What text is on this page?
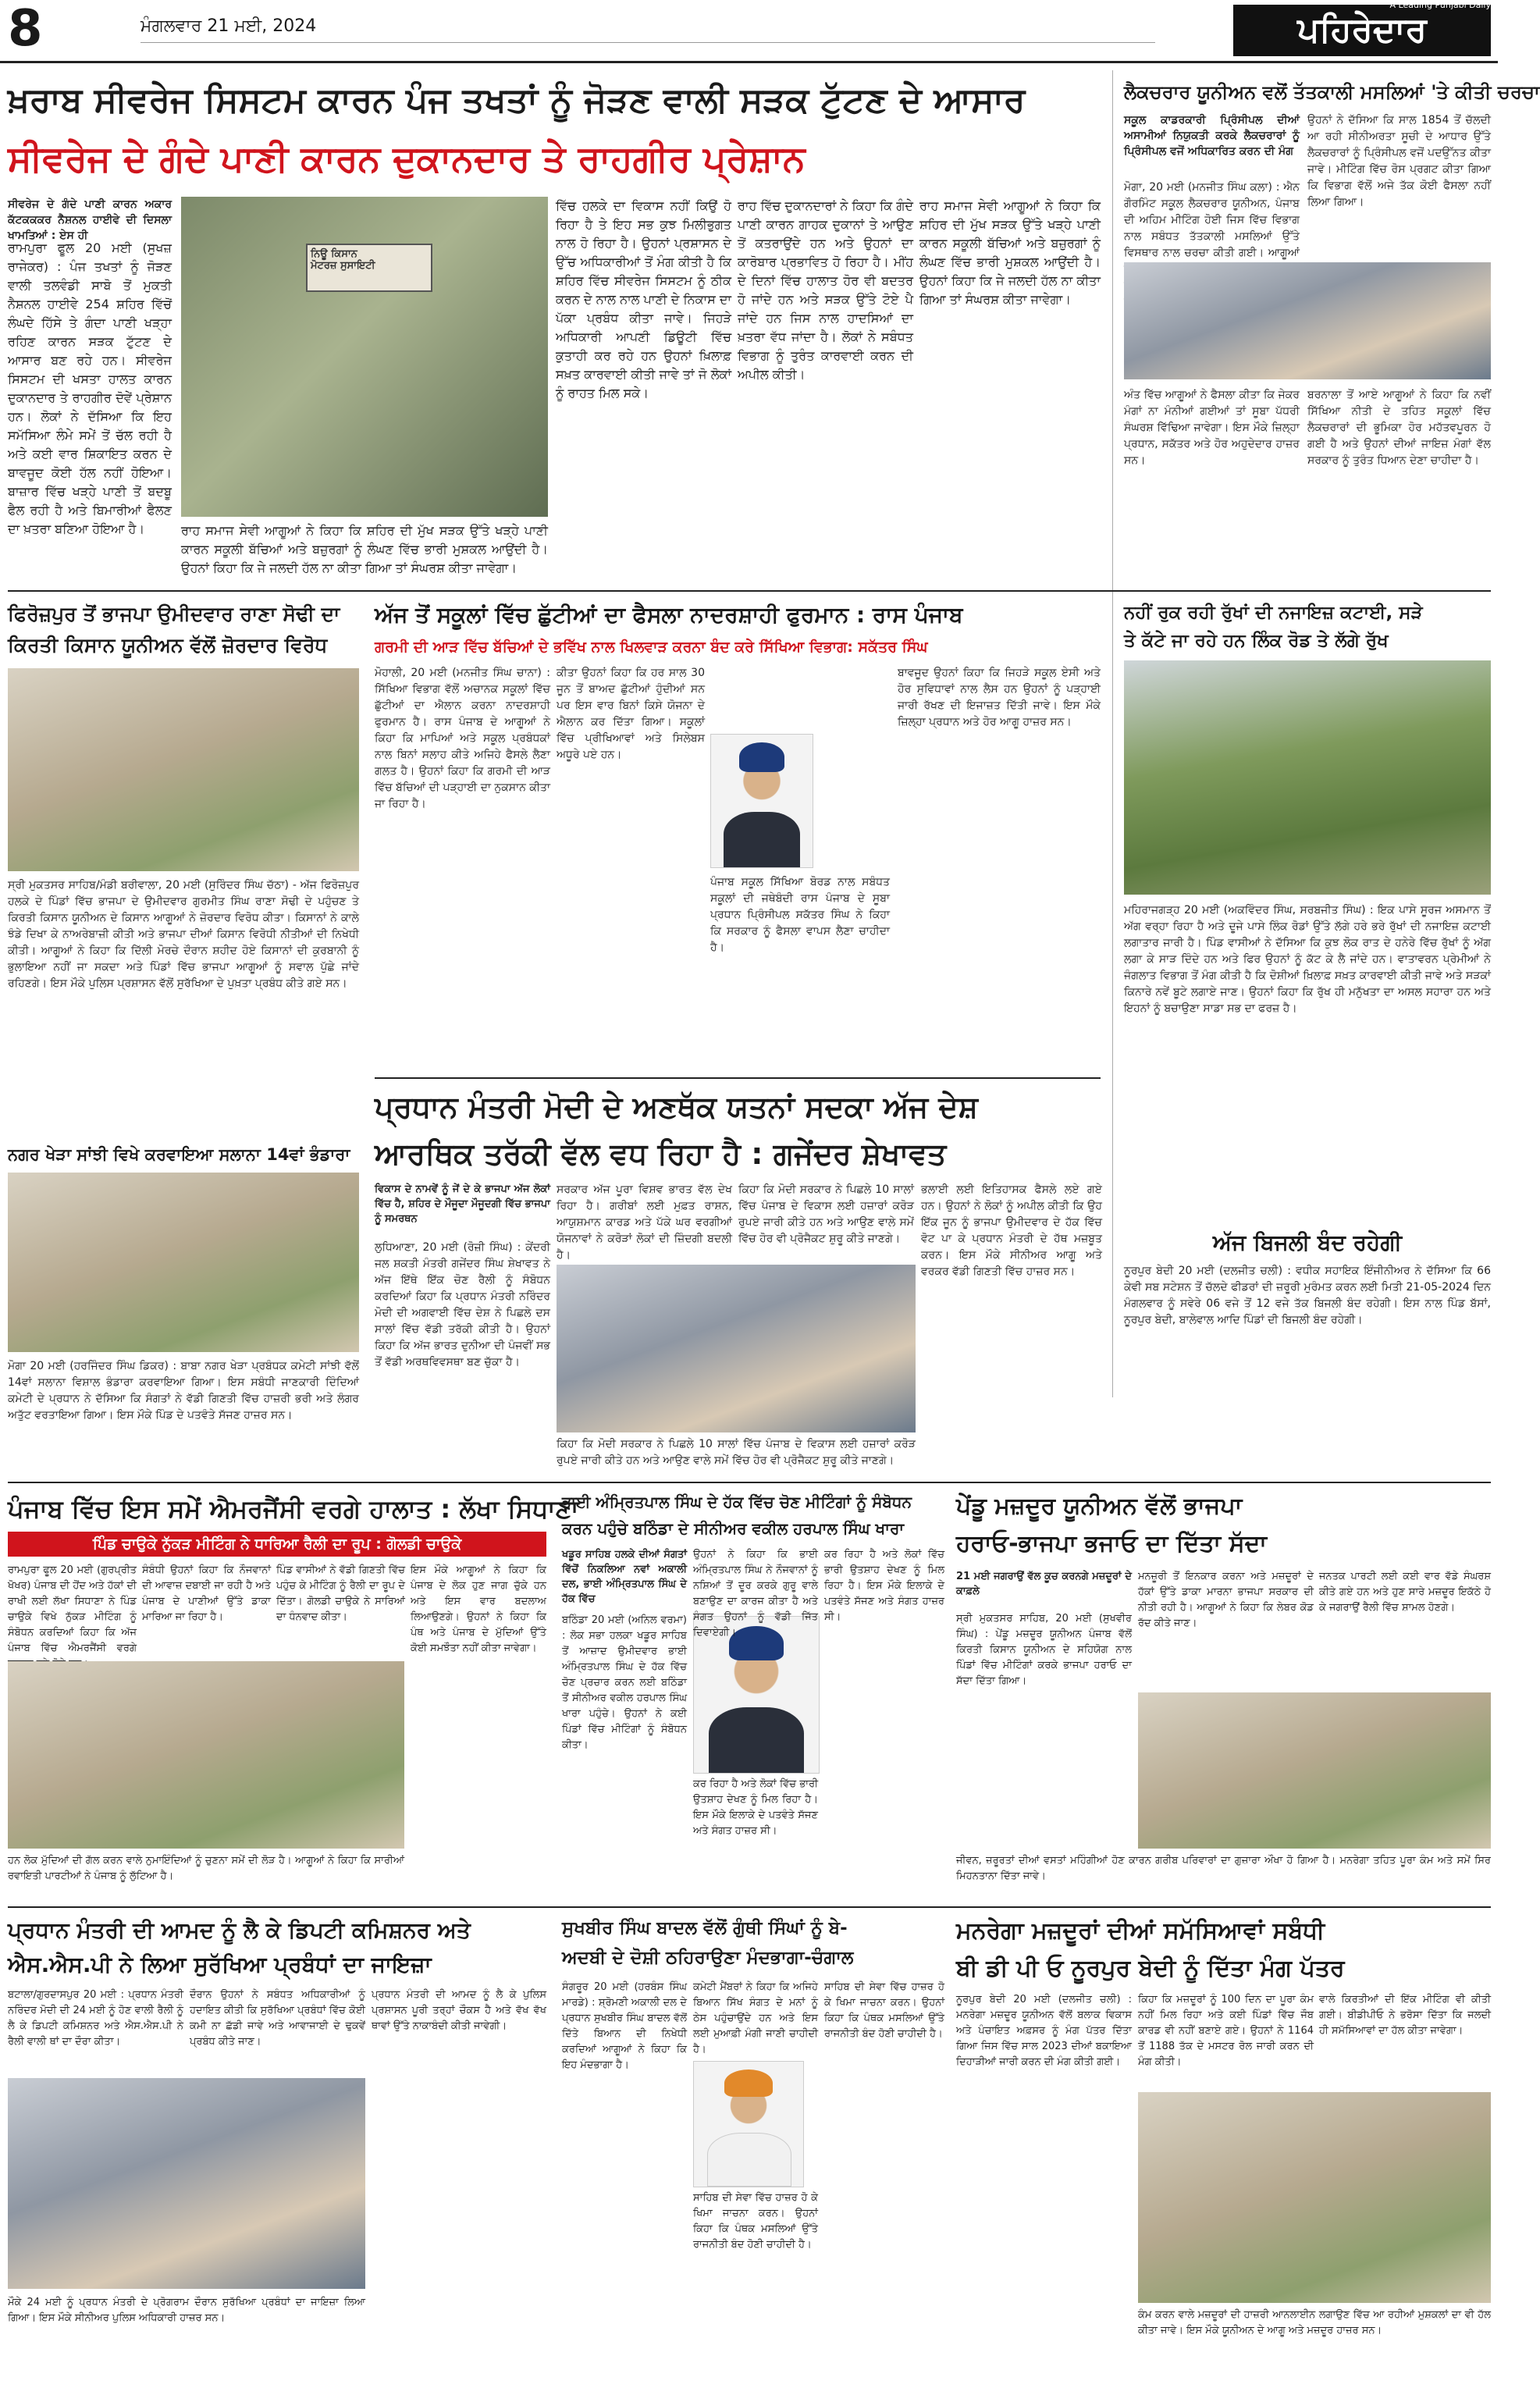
8	ਮੰਗਲਵਾਰ 21 ਮਈ, 2024	ਪਹਿਰੇਦਾਰ
A Leading Punjabi Daily
ਖ਼ਰਾਬ ਸੀਵਰੇਜ ਸਿਸਟਮ ਕਾਰਨ ਪੰਜ ਤਖਤਾਂ ਨੂੰ ਜੋੜਣ ਵਾਲੀ ਸੜਕ ਟੁੱਟਣ ਦੇ ਆਸਾਰ
ਸੀਵਰੇਜ ਦੇ ਗੰਦੇ ਪਾਣੀ ਕਾਰਨ ਦੁਕਾਨਦਾਰ ਤੇ ਰਾਹਗੀਰ ਪ੍ਰੇਸ਼ਾਨ
ਸੀਵਰੇਜ ਦੇ ਗੰਦੇ ਪਾਣੀ ਕਾਰਨ ਅਕਾਰ ਕੱਟਕਕਕਰ ਨੈਸ਼ਨਲ ਹਾਈਵੇ ਦੀ ਦਿਸਲਾ ਖਾਮਤਿਆਂ : ਏਸ ਹੀ
ਰਾਮਪੁਰਾ ਫੂਲ 20 ਮਈ (ਸੁਖਜ਼ ਰਾਜੇਕਰ) : ਪੰਜ ਤਖਤਾਂ ਨੂੰ ਜੋੜਣ ਵਾਲੀ ਤਲਵੰਡੀ ਸਾਬੋ ਤੋਂ ਮੁਕਤੀ ਨੈਸ਼ਨਲ ਹਾਈਵੇ 254 ਸ਼ਹਿਰ ਵਿੱਚੋਂ ਲੰਘਦੇ ਹਿੱਸੇ ਤੇ ਗੰਦਾ ਪਾਣੀ ਖੜ੍ਹਾ ਰਹਿਣ ਕਾਰਨ ਸੜਕ ਟੁੱਟਣ ਦੇ ਆਸਾਰ ਬਣ ਰਹੇ ਹਨ। ਸੀਵਰੇਜ ਸਿਸਟਮ ਦੀ ਖਸਤਾ ਹਾਲਤ ਕਾਰਨ ਦੁਕਾਨਦਾਰ ਤੇ ਰਾਹਗੀਰ ਦੋਵੇਂ ਪ੍ਰੇਸ਼ਾਨ ਹਨ। ਲੋਕਾਂ ਨੇ ਦੱਸਿਆ ਕਿ ਇਹ ਸਮੱਸਿਆ ਲੰਮੇ ਸਮੇਂ ਤੋਂ ਚੱਲ ਰਹੀ ਹੈ ਅਤੇ ਕਈ ਵਾਰ ਸ਼ਿਕਾਇਤ ਕਰਨ ਦੇ ਬਾਵਜੂਦ ਕੋਈ ਹੱਲ ਨਹੀਂ ਹੋਇਆ। ਬਾਜ਼ਾਰ ਵਿੱਚ ਖੜ੍ਹੇ ਪਾਣੀ ਤੋਂ ਬਦਬੂ ਫੈਲ ਰਹੀ ਹੈ ਅਤੇ ਬਿਮਾਰੀਆਂ ਫੈਲਣ ਦਾ ਖ਼ਤਰਾ ਬਣਿਆ ਹੋਇਆ ਹੈ।
ਨਿਊ ਕਿਸਾਨ
ਮੋਟਰਜ਼ ਸੁਸਾਇਟੀ
ਰਾਹ ਸਮਾਜ ਸੇਵੀ ਆਗੂਆਂ ਨੇ ਕਿਹਾ ਕਿ ਸ਼ਹਿਰ ਦੀ ਮੁੱਖ ਸੜਕ ਉੱਤੇ ਖੜ੍ਹੇ ਪਾਣੀ ਕਾਰਨ ਸਕੂਲੀ ਬੱਚਿਆਂ ਅਤੇ ਬਜ਼ੁਰਗਾਂ ਨੂੰ ਲੰਘਣ ਵਿੱਚ ਭਾਰੀ ਮੁਸ਼ਕਲ ਆਉਂਦੀ ਹੈ। ਉਹਨਾਂ ਕਿਹਾ ਕਿ ਜੇ ਜਲਦੀ ਹੱਲ ਨਾ ਕੀਤਾ ਗਿਆ ਤਾਂ ਸੰਘਰਸ਼ ਕੀਤਾ ਜਾਵੇਗਾ।
ਵਿੱਚ ਹਲਕੇ ਦਾ ਵਿਕਾਸ ਨਹੀਂ ਕਿਉਂ ਹੋ ਰਿਹਾ ਹੈ ਤੇ ਇਹ ਸਭ ਕੁਝ ਮਿਲੀਭੁਗਤ ਨਾਲ ਹੋ ਰਿਹਾ ਹੈ। ਉਹਨਾਂ ਪ੍ਰਸ਼ਾਸਨ ਦੇ ਉੱਚ ਅਧਿਕਾਰੀਆਂ ਤੋਂ ਮੰਗ ਕੀਤੀ ਹੈ ਕਿ ਸ਼ਹਿਰ ਵਿੱਚ ਸੀਵਰੇਜ ਸਿਸਟਮ ਨੂੰ ਠੀਕ ਕਰਨ ਦੇ ਨਾਲ ਨਾਲ ਪਾਣੀ ਦੇ ਨਿਕਾਸ ਦਾ ਪੱਕਾ ਪ੍ਰਬੰਧ ਕੀਤਾ ਜਾਵੇ। ਜਿਹੜੇ ਅਧਿਕਾਰੀ ਆਪਣੀ ਡਿਊਟੀ ਵਿੱਚ ਕੁਤਾਹੀ ਕਰ ਰਹੇ ਹਨ ਉਹਨਾਂ ਖ਼ਿਲਾਫ਼ ਸਖ਼ਤ ਕਾਰਵਾਈ ਕੀਤੀ ਜਾਵੇ ਤਾਂ ਜੋ ਲੋਕਾਂ ਨੂੰ ਰਾਹਤ ਮਿਲ ਸਕੇ।
ਰਾਹ ਵਿੱਚ ਦੁਕਾਨਦਾਰਾਂ ਨੇ ਕਿਹਾ ਕਿ ਗੰਦੇ ਪਾਣੀ ਕਾਰਨ ਗਾਹਕ ਦੁਕਾਨਾਂ ਤੇ ਆਉਣ ਤੋਂ ਕਤਰਾਉਂਦੇ ਹਨ ਅਤੇ ਉਹਨਾਂ ਦਾ ਕਾਰੋਬਾਰ ਪ੍ਰਭਾਵਿਤ ਹੋ ਰਿਹਾ ਹੈ। ਮੀਂਹ ਦੇ ਦਿਨਾਂ ਵਿੱਚ ਹਾਲਾਤ ਹੋਰ ਵੀ ਬਦਤਰ ਹੋ ਜਾਂਦੇ ਹਨ ਅਤੇ ਸੜਕ ਉੱਤੇ ਟੋਏ ਪੈ ਜਾਂਦੇ ਹਨ ਜਿਸ ਨਾਲ ਹਾਦਸਿਆਂ ਦਾ ਖ਼ਤਰਾ ਵੱਧ ਜਾਂਦਾ ਹੈ। ਲੋਕਾਂ ਨੇ ਸਬੰਧਤ ਵਿਭਾਗ ਨੂੰ ਤੁਰੰਤ ਕਾਰਵਾਈ ਕਰਨ ਦੀ ਅਪੀਲ ਕੀਤੀ।
ਰਾਹ ਸਮਾਜ ਸੇਵੀ ਆਗੂਆਂ ਨੇ ਕਿਹਾ ਕਿ ਸ਼ਹਿਰ ਦੀ ਮੁੱਖ ਸੜਕ ਉੱਤੇ ਖੜ੍ਹੇ ਪਾਣੀ ਕਾਰਨ ਸਕੂਲੀ ਬੱਚਿਆਂ ਅਤੇ ਬਜ਼ੁਰਗਾਂ ਨੂੰ ਲੰਘਣ ਵਿੱਚ ਭਾਰੀ ਮੁਸ਼ਕਲ ਆਉਂਦੀ ਹੈ। ਉਹਨਾਂ ਕਿਹਾ ਕਿ ਜੇ ਜਲਦੀ ਹੱਲ ਨਾ ਕੀਤਾ ਗਿਆ ਤਾਂ ਸੰਘਰਸ਼ ਕੀਤਾ ਜਾਵੇਗਾ।
ਲੈਕਚਰਾਰ ਯੂਨੀਅਨ ਵਲੋਂ ਤੱਤਕਾਲੀ ਮਸਲਿਆਂ 'ਤੇ ਕੀਤੀ ਚਰਚਾ
ਸਕੂਲ ਕਾਡਰਕਾਰੀ ਪ੍ਰਿੰਸੀਪਲ ਦੀਆਂ ਅਸਾਮੀਆਂ ਨਿਯੁਕਤੀ ਕਰਕੇ ਲੈਕਚਰਾਰਾਂ ਨੂੰ ਪ੍ਰਿੰਸੀਪਲ ਵਜੋਂ ਅਧਿਕਾਰਿਤ ਕਰਨ ਦੀ ਮੰਗ
ਮੋਗਾ, 20 ਮਈ (ਮਨਜੀਤ ਸਿੰਘ ਕਲਾ) : ਐਨ ਗੌਰਮਿੰਟ ਸਕੂਲ ਲੈਕਚਰਾਰ ਯੂਨੀਅਨ, ਪੰਜਾਬ ਦੀ ਅਹਿਮ ਮੀਟਿੰਗ ਹੋਈ ਜਿਸ ਵਿੱਚ ਵਿਭਾਗ ਨਾਲ ਸਬੰਧਤ ਤੱਤਕਾਲੀ ਮਸਲਿਆਂ ਉੱਤੇ ਵਿਸਥਾਰ ਨਾਲ ਚਰਚਾ ਕੀਤੀ ਗਈ। ਆਗੂਆਂ
ਉਹਨਾਂ ਨੇ ਦੱਸਿਆ ਕਿ ਸਾਲ 1854 ਤੋਂ ਚੱਲਦੀ ਆ ਰਹੀ ਸੀਨੀਅਰਤਾ ਸੂਚੀ ਦੇ ਆਧਾਰ ਉੱਤੇ ਲੈਕਚਰਾਰਾਂ ਨੂੰ ਪ੍ਰਿੰਸੀਪਲ ਵਜੋਂ ਪਦਉੱਨਤ ਕੀਤਾ ਜਾਵੇ। ਮੀਟਿੰਗ ਵਿੱਚ ਰੋਸ ਪ੍ਰਗਟ ਕੀਤਾ ਗਿਆ ਕਿ ਵਿਭਾਗ ਵੱਲੋਂ ਅਜੇ ਤੱਕ ਕੋਈ ਫੈਸਲਾ ਨਹੀਂ ਲਿਆ ਗਿਆ।
ਅੰਤ ਵਿੱਚ ਆਗੂਆਂ ਨੇ ਫੈਸਲਾ ਕੀਤਾ ਕਿ ਜੇਕਰ ਮੰਗਾਂ ਨਾ ਮੰਨੀਆਂ ਗਈਆਂ ਤਾਂ ਸੂਬਾ ਪੱਧਰੀ ਸੰਘਰਸ਼ ਵਿੱਢਿਆ ਜਾਵੇਗਾ। ਇਸ ਮੌਕੇ ਜ਼ਿਲ੍ਹਾ ਪ੍ਰਧਾਨ, ਸਕੱਤਰ ਅਤੇ ਹੋਰ ਅਹੁਦੇਦਾਰ ਹਾਜ਼ਰ ਸਨ।
ਬਰਨਾਲਾ ਤੋਂ ਆਏ ਆਗੂਆਂ ਨੇ ਕਿਹਾ ਕਿ ਨਵੀਂ ਸਿੱਖਿਆ ਨੀਤੀ ਦੇ ਤਹਿਤ ਸਕੂਲਾਂ ਵਿੱਚ ਲੈਕਚਰਾਰਾਂ ਦੀ ਭੂਮਿਕਾ ਹੋਰ ਮਹੱਤਵਪੂਰਨ ਹੋ ਗਈ ਹੈ ਅਤੇ ਉਹਨਾਂ ਦੀਆਂ ਜਾਇਜ਼ ਮੰਗਾਂ ਵੱਲ ਸਰਕਾਰ ਨੂੰ ਤੁਰੰਤ ਧਿਆਨ ਦੇਣਾ ਚਾਹੀਦਾ ਹੈ।
ਫਿਰੋਜ਼ਪੁਰ ਤੋਂ ਭਾਜਪਾ ਉਮੀਦਵਾਰ ਰਾਣਾ ਸੋਢੀ ਦਾ
ਕਿਰਤੀ ਕਿਸਾਨ ਯੂਨੀਅਨ ਵੱਲੋਂ ਜ਼ੋਰਦਾਰ ਵਿਰੋਧ
ਸ੍ਰੀ ਮੁਕਤਸਰ ਸਾਹਿਬ/ਮੰਡੀ ਬਰੀਵਾਲਾ, 20 ਮਈ (ਸੁਰਿੰਦਰ ਸਿੰਘ ਚੱਠਾ) - ਅੱਜ ਫਿਰੋਜ਼ਪੁਰ ਹਲਕੇ ਦੇ ਪਿੰਡਾਂ ਵਿੱਚ ਭਾਜਪਾ ਦੇ ਉਮੀਦਵਾਰ ਗੁਰਮੀਤ ਸਿੰਘ ਰਾਣਾ ਸੋਢੀ ਦੇ ਪਹੁੰਚਣ ਤੇ ਕਿਰਤੀ ਕਿਸਾਨ ਯੂਨੀਅਨ ਦੇ ਕਿਸਾਨ ਆਗੂਆਂ ਨੇ ਜ਼ੋਰਦਾਰ ਵਿਰੋਧ ਕੀਤਾ। ਕਿਸਾਨਾਂ ਨੇ ਕਾਲੇ ਝੰਡੇ ਦਿਖਾ ਕੇ ਨਾਅਰੇਬਾਜ਼ੀ ਕੀਤੀ ਅਤੇ ਭਾਜਪਾ ਦੀਆਂ ਕਿਸਾਨ ਵਿਰੋਧੀ ਨੀਤੀਆਂ ਦੀ ਨਿਖੇਧੀ ਕੀਤੀ। ਆਗੂਆਂ ਨੇ ਕਿਹਾ ਕਿ ਦਿੱਲੀ ਮੋਰਚੇ ਦੌਰਾਨ ਸ਼ਹੀਦ ਹੋਏ ਕਿਸਾਨਾਂ ਦੀ ਕੁਰਬਾਨੀ ਨੂੰ ਭੁਲਾਇਆ ਨਹੀਂ ਜਾ ਸਕਦਾ ਅਤੇ ਪਿੰਡਾਂ ਵਿੱਚ ਭਾਜਪਾ ਆਗੂਆਂ ਨੂੰ ਸਵਾਲ ਪੁੱਛੇ ਜਾਂਦੇ ਰਹਿਣਗੇ। ਇਸ ਮੌਕੇ ਪੁਲਿਸ ਪ੍ਰਸ਼ਾਸਨ ਵੱਲੋਂ ਸੁਰੱਖਿਆ ਦੇ ਪੁਖ਼ਤਾ ਪ੍ਰਬੰਧ ਕੀਤੇ ਗਏ ਸਨ।
ਅੱਜ ਤੋਂ ਸਕੂਲਾਂ ਵਿੱਚ ਛੁੱਟੀਆਂ ਦਾ ਫੈਸਲਾ ਨਾਦਰਸ਼ਾਹੀ ਫੁਰਮਾਨ : ਰਾਸ ਪੰਜਾਬ
ਗਰਮੀ ਦੀ ਆੜ ਵਿੱਚ ਬੱਚਿਆਂ ਦੇ ਭਵਿੱਖ ਨਾਲ ਖਿਲਵਾੜ ਕਰਨਾ ਬੰਦ ਕਰੇ ਸਿੱਖਿਆ ਵਿਭਾਗ: ਸਕੱਤਰ ਸਿੰਘ
ਮੋਹਾਲੀ, 20 ਮਈ (ਮਨਜੀਤ ਸਿੰਘ ਚਾਨਾ) : ਸਿੱਖਿਆ ਵਿਭਾਗ ਵੱਲੋਂ ਅਚਾਨਕ ਸਕੂਲਾਂ ਵਿੱਚ ਛੁੱਟੀਆਂ ਦਾ ਐਲਾਨ ਕਰਨਾ ਨਾਦਰਸ਼ਾਹੀ ਫੁਰਮਾਨ ਹੈ। ਰਾਸ ਪੰਜਾਬ ਦੇ ਆਗੂਆਂ ਨੇ ਕਿਹਾ ਕਿ ਮਾਪਿਆਂ ਅਤੇ ਸਕੂਲ ਪ੍ਰਬੰਧਕਾਂ ਨਾਲ ਬਿਨਾਂ ਸਲਾਹ ਕੀਤੇ ਅਜਿਹੇ ਫੈਸਲੇ ਲੈਣਾ ਗਲਤ ਹੈ। ਉਹਨਾਂ ਕਿਹਾ ਕਿ ਗਰਮੀ ਦੀ ਆੜ ਵਿੱਚ ਬੱਚਿਆਂ ਦੀ ਪੜ੍ਹਾਈ ਦਾ ਨੁਕਸਾਨ ਕੀਤਾ ਜਾ ਰਿਹਾ ਹੈ।
ਕੀਤਾ ਉਹਨਾਂ ਕਿਹਾ ਕਿ ਹਰ ਸਾਲ 30 ਜੂਨ ਤੋਂ ਬਾਅਦ ਛੁੱਟੀਆਂ ਹੁੰਦੀਆਂ ਸਨ ਪਰ ਇਸ ਵਾਰ ਬਿਨਾਂ ਕਿਸੇ ਯੋਜਨਾ ਦੇ ਐਲਾਨ ਕਰ ਦਿੱਤਾ ਗਿਆ। ਸਕੂਲਾਂ ਵਿੱਚ ਪ੍ਰੀਖਿਆਵਾਂ ਅਤੇ ਸਿਲੇਬਸ ਅਧੂਰੇ ਪਏ ਹਨ।
ਪੰਜਾਬ ਸਕੂਲ ਸਿੱਖਿਆ ਬੋਰਡ ਨਾਲ ਸਬੰਧਤ ਸਕੂਲਾਂ ਦੀ ਜਥੇਬੰਦੀ ਰਾਸ ਪੰਜਾਬ ਦੇ ਸੂਬਾ ਪ੍ਰਧਾਨ ਪ੍ਰਿੰਸੀਪਲ ਸਕੱਤਰ ਸਿੰਘ ਨੇ ਕਿਹਾ ਕਿ ਸਰਕਾਰ ਨੂੰ ਫੈਸਲਾ ਵਾਪਸ ਲੈਣਾ ਚਾਹੀਦਾ ਹੈ।
ਬਾਵਜੂਦ ਉਹਨਾਂ ਕਿਹਾ ਕਿ ਜਿਹੜੇ ਸਕੂਲ ਏਸੀ ਅਤੇ ਹੋਰ ਸੁਵਿਧਾਵਾਂ ਨਾਲ ਲੈਸ ਹਨ ਉਹਨਾਂ ਨੂੰ ਪੜ੍ਹਾਈ ਜਾਰੀ ਰੱਖਣ ਦੀ ਇਜਾਜ਼ਤ ਦਿੱਤੀ ਜਾਵੇ। ਇਸ ਮੌਕੇ ਜ਼ਿਲ੍ਹਾ ਪ੍ਰਧਾਨ ਅਤੇ ਹੋਰ ਆਗੂ ਹਾਜ਼ਰ ਸਨ।
ਨਹੀਂ ਰੁਕ ਰਹੀ ਰੁੱਖਾਂ ਦੀ ਨਜਾਇਜ਼ ਕਟਾਈ, ਸੜੇ
ਤੇ ਕੱਟੇ ਜਾ ਰਹੇ ਹਨ ਲਿੰਕ ਰੋਡ ਤੇ ਲੱਗੇ ਰੁੱਖ
ਮਹਿਰਾਜਗੜ੍ਹ 20 ਮਈ (ਅਕਵਿੰਦਰ ਸਿੰਘ, ਸਰਬਜੀਤ ਸਿੰਘ) : ਇਕ ਪਾਸੇ ਸੂਰਜ ਅਸਮਾਨ ਤੋਂ ਅੱਗ ਵਰ੍ਹਾ ਰਿਹਾ ਹੈ ਅਤੇ ਦੂਜੇ ਪਾਸੇ ਲਿੰਕ ਰੋਡਾਂ ਉੱਤੇ ਲੱਗੇ ਹਰੇ ਭਰੇ ਰੁੱਖਾਂ ਦੀ ਨਜਾਇਜ਼ ਕਟਾਈ ਲਗਾਤਾਰ ਜਾਰੀ ਹੈ। ਪਿੰਡ ਵਾਸੀਆਂ ਨੇ ਦੱਸਿਆ ਕਿ ਕੁਝ ਲੋਕ ਰਾਤ ਦੇ ਹਨੇਰੇ ਵਿੱਚ ਰੁੱਖਾਂ ਨੂੰ ਅੱਗ ਲਗਾ ਕੇ ਸਾੜ ਦਿੰਦੇ ਹਨ ਅਤੇ ਫਿਰ ਉਹਨਾਂ ਨੂੰ ਕੱਟ ਕੇ ਲੈ ਜਾਂਦੇ ਹਨ। ਵਾਤਾਵਰਨ ਪ੍ਰੇਮੀਆਂ ਨੇ ਜੰਗਲਾਤ ਵਿਭਾਗ ਤੋਂ ਮੰਗ ਕੀਤੀ ਹੈ ਕਿ ਦੋਸ਼ੀਆਂ ਖ਼ਿਲਾਫ਼ ਸਖ਼ਤ ਕਾਰਵਾਈ ਕੀਤੀ ਜਾਵੇ ਅਤੇ ਸੜਕਾਂ ਕਿਨਾਰੇ ਨਵੇਂ ਬੂਟੇ ਲਗਾਏ ਜਾਣ। ਉਹਨਾਂ ਕਿਹਾ ਕਿ ਰੁੱਖ ਹੀ ਮਨੁੱਖਤਾ ਦਾ ਅਸਲ ਸਹਾਰਾ ਹਨ ਅਤੇ ਇਹਨਾਂ ਨੂੰ ਬਚਾਉਣਾ ਸਾਡਾ ਸਭ ਦਾ ਫਰਜ਼ ਹੈ।
ਅੱਜ ਬਿਜਲੀ ਬੰਦ ਰਹੇਗੀ
ਨੂਰਪੁਰ ਬੇਦੀ 20 ਮਈ (ਦਲਜੀਤ ਚਲੀ) : ਵਧੀਕ ਸਹਾਇਕ ਇੰਜੀਨੀਅਰ ਨੇ ਦੱਸਿਆ ਕਿ 66 ਕੇਵੀ ਸਬ ਸਟੇਸ਼ਨ ਤੋਂ ਚੱਲਦੇ ਫੀਡਰਾਂ ਦੀ ਜ਼ਰੂਰੀ ਮੁਰੰਮਤ ਕਰਨ ਲਈ ਮਿਤੀ 21-05-2024 ਦਿਨ ਮੰਗਲਵਾਰ ਨੂੰ ਸਵੇਰੇ 06 ਵਜੇ ਤੋਂ 12 ਵਜੇ ਤੱਕ ਬਿਜਲੀ ਬੰਦ ਰਹੇਗੀ। ਇਸ ਨਾਲ ਪਿੰਡ ਬੱਸਾਂ, ਨੂਰਪੁਰ ਬੇਦੀ, ਬਾਲੇਵਾਲ ਆਦਿ ਪਿੰਡਾਂ ਦੀ ਬਿਜਲੀ ਬੰਦ ਰਹੇਗੀ।
ਪ੍ਰਧਾਨ ਮੰਤਰੀ ਮੋਦੀ ਦੇ ਅਣਥੱਕ ਯਤਨਾਂ ਸਦਕਾ ਅੱਜ ਦੇਸ਼
ਆਰਥਿਕ ਤਰੱਕੀ ਵੱਲ ਵਧ ਰਿਹਾ ਹੈ : ਗਜੇਂਦਰ ਸ਼ੇਖਾਵਤ
ਵਿਕਾਸ ਦੇ ਨਾਮਵੇਂ ਨੂੰ ਜੇਂ ਦੇ ਕੇ ਭਾਜਪਾ ਅੱਜ ਲੋਕਾਂ ਵਿੱਚ ਹੈ, ਸ਼ਹਿਰ ਦੇ ਮੌਜੂਦਾ ਮੌਜੂਦਗੀ ਵਿੱਚ ਭਾਜਪਾ ਨੂੰ ਸਮਰਥਨ
ਲੁਧਿਆਣਾ, 20 ਮਈ (ਰੋਜ਼ੀ ਸਿੰਘ) : ਕੇਂਦਰੀ ਜਲ ਸ਼ਕਤੀ ਮੰਤਰੀ ਗਜੇਂਦਰ ਸਿੰਘ ਸ਼ੇਖਾਵਤ ਨੇ ਅੱਜ ਇੱਥੇ ਇੱਕ ਚੋਣ ਰੈਲੀ ਨੂੰ ਸੰਬੋਧਨ ਕਰਦਿਆਂ ਕਿਹਾ ਕਿ ਪ੍ਰਧਾਨ ਮੰਤਰੀ ਨਰਿੰਦਰ ਮੋਦੀ ਦੀ ਅਗਵਾਈ ਵਿੱਚ ਦੇਸ਼ ਨੇ ਪਿਛਲੇ ਦਸ ਸਾਲਾਂ ਵਿੱਚ ਵੱਡੀ ਤਰੱਕੀ ਕੀਤੀ ਹੈ। ਉਹਨਾਂ ਕਿਹਾ ਕਿ ਅੱਜ ਭਾਰਤ ਦੁਨੀਆ ਦੀ ਪੰਜਵੀਂ ਸਭ ਤੋਂ ਵੱਡੀ ਅਰਥਵਿਵਸਥਾ ਬਣ ਚੁੱਕਾ ਹੈ।
ਸਰਕਾਰ ਅੱਜ ਪੂਰਾ ਵਿਸ਼ਵ ਭਾਰਤ ਵੱਲ ਦੇਖ ਰਿਹਾ ਹੈ। ਗਰੀਬਾਂ ਲਈ ਮੁਫ਼ਤ ਰਾਸ਼ਨ, ਆਯੁਸ਼ਮਾਨ ਕਾਰਡ ਅਤੇ ਪੱਕੇ ਘਰ ਵਰਗੀਆਂ ਯੋਜਨਾਵਾਂ ਨੇ ਕਰੋੜਾਂ ਲੋਕਾਂ ਦੀ ਜ਼ਿੰਦਗੀ ਬਦਲੀ ਹੈ।
ਕਿਹਾ ਕਿ ਮੋਦੀ ਸਰਕਾਰ ਨੇ ਪਿਛਲੇ 10 ਸਾਲਾਂ ਵਿੱਚ ਪੰਜਾਬ ਦੇ ਵਿਕਾਸ ਲਈ ਹਜ਼ਾਰਾਂ ਕਰੋੜ ਰੁਪਏ ਜਾਰੀ ਕੀਤੇ ਹਨ ਅਤੇ ਆਉਣ ਵਾਲੇ ਸਮੇਂ ਵਿੱਚ ਹੋਰ ਵੀ ਪ੍ਰੋਜੈਕਟ ਸ਼ੁਰੂ ਕੀਤੇ ਜਾਣਗੇ।
ਭਲਾਈ ਲਈ ਇਤਿਹਾਸਕ ਫੈਸਲੇ ਲਏ ਗਏ ਹਨ। ਉਹਨਾਂ ਨੇ ਲੋਕਾਂ ਨੂੰ ਅਪੀਲ ਕੀਤੀ ਕਿ ਉਹ ਇੱਕ ਜੂਨ ਨੂੰ ਭਾਜਪਾ ਉਮੀਦਵਾਰ ਦੇ ਹੱਕ ਵਿੱਚ ਵੋਟ ਪਾ ਕੇ ਪ੍ਰਧਾਨ ਮੰਤਰੀ ਦੇ ਹੱਥ ਮਜ਼ਬੂਤ ਕਰਨ। ਇਸ ਮੌਕੇ ਸੀਨੀਅਰ ਆਗੂ ਅਤੇ ਵਰਕਰ ਵੱਡੀ ਗਿਣਤੀ ਵਿੱਚ ਹਾਜ਼ਰ ਸਨ।
ਕਿਹਾ ਕਿ ਮੋਦੀ ਸਰਕਾਰ ਨੇ ਪਿਛਲੇ 10 ਸਾਲਾਂ ਵਿੱਚ ਪੰਜਾਬ ਦੇ ਵਿਕਾਸ ਲਈ ਹਜ਼ਾਰਾਂ ਕਰੋੜ ਰੁਪਏ ਜਾਰੀ ਕੀਤੇ ਹਨ ਅਤੇ ਆਉਣ ਵਾਲੇ ਸਮੇਂ ਵਿੱਚ ਹੋਰ ਵੀ ਪ੍ਰੋਜੈਕਟ ਸ਼ੁਰੂ ਕੀਤੇ ਜਾਣਗੇ।
ਨਗਰ ਖੇੜਾ ਸਾਂਝੀ ਵਿਖੇ ਕਰਵਾਇਆ ਸਲਾਨਾ 14ਵਾਂ ਭੰਡਾਰਾ
ਮੋਗਾ 20 ਮਈ (ਹਰਜਿੰਦਰ ਸਿੰਘ ਡਿਕਰ) : ਬਾਬਾ ਨਗਰ ਖੇੜਾ ਪ੍ਰਬੰਧਕ ਕਮੇਟੀ ਸਾਂਝੀ ਵੱਲੋਂ 14ਵਾਂ ਸਲਾਨਾ ਵਿਸ਼ਾਲ ਭੰਡਾਰਾ ਕਰਵਾਇਆ ਗਿਆ। ਇਸ ਸਬੰਧੀ ਜਾਣਕਾਰੀ ਦਿੰਦਿਆਂ ਕਮੇਟੀ ਦੇ ਪ੍ਰਧਾਨ ਨੇ ਦੱਸਿਆ ਕਿ ਸੰਗਤਾਂ ਨੇ ਵੱਡੀ ਗਿਣਤੀ ਵਿੱਚ ਹਾਜ਼ਰੀ ਭਰੀ ਅਤੇ ਲੰਗਰ ਅਤੁੱਟ ਵਰਤਾਇਆ ਗਿਆ। ਇਸ ਮੌਕੇ ਪਿੰਡ ਦੇ ਪਤਵੰਤੇ ਸੱਜਣ ਹਾਜ਼ਰ ਸਨ।
ਪੰਜਾਬ ਵਿੱਚ ਇਸ ਸਮੇਂ ਐਮਰਜੈਂਸੀ ਵਰਗੇ ਹਾਲਾਤ : ਲੱਖਾ ਸਿਧਾਣਾ
ਪਿੰਡ ਚਾਉਕੇ ਨੁੱਕੜ ਮੀਟਿੰਗ ਨੇ ਧਾਰਿਆ ਰੈਲੀ ਦਾ ਰੂਪ : ਗੋਲਡੀ ਚਾਉਕੇ
ਰਾਮਪੁਰਾ ਫੂਲ 20 ਮਈ (ਗੁਰਪ੍ਰੀਤ ਖੋਖਰ) ਪੰਜਾਬ ਦੀ ਹੋਂਦ ਅਤੇ ਹੱਕਾਂ ਦੀ ਰਾਖੀ ਲਈ ਲੱਖਾ ਸਿਧਾਣਾ ਨੇ ਪਿੰਡ ਚਾਉਕੇ ਵਿਖੇ ਨੁੱਕੜ ਮੀਟਿੰਗ ਨੂੰ ਸੰਬੋਧਨ ਕਰਦਿਆਂ ਕਿਹਾ ਕਿ ਅੱਜ ਪੰਜਾਬ ਵਿੱਚ ਐਮਰਜੈਂਸੀ ਵਰਗੇ
ਸੰਬੰਧੀ ਉਹਨਾਂ ਕਿਹਾ ਕਿ ਨੌਜਵਾਨਾਂ ਦੀ ਆਵਾਜ਼ ਦਬਾਈ ਜਾ ਰਹੀ ਹੈ ਅਤੇ ਪੰਜਾਬ ਦੇ ਪਾਣੀਆਂ ਉੱਤੇ ਡਾਕਾ ਮਾਰਿਆ ਜਾ ਰਿਹਾ ਹੈ।
ਪਿੰਡ ਵਾਸੀਆਂ ਨੇ ਵੱਡੀ ਗਿਣਤੀ ਵਿੱਚ ਪਹੁੰਚ ਕੇ ਮੀਟਿੰਗ ਨੂੰ ਰੈਲੀ ਦਾ ਰੂਪ ਦੇ ਦਿੱਤਾ। ਗੋਲਡੀ ਚਾਉਕੇ ਨੇ ਸਾਰਿਆਂ ਦਾ ਧੰਨਵਾਦ ਕੀਤਾ।
ਇਸ ਮੌਕੇ ਆਗੂਆਂ ਨੇ ਕਿਹਾ ਕਿ ਪੰਜਾਬ ਦੇ ਲੋਕ ਹੁਣ ਜਾਗ ਚੁੱਕੇ ਹਨ ਅਤੇ ਇਸ ਵਾਰ ਬਦਲਾਅ ਲਿਆਉਣਗੇ। ਉਹਨਾਂ ਨੇ ਕਿਹਾ ਕਿ ਪੰਥ ਅਤੇ ਪੰਜਾਬ ਦੇ ਮੁੱਦਿਆਂ ਉੱਤੇ ਕੋਈ ਸਮਝੌਤਾ ਨਹੀਂ ਕੀਤਾ ਜਾਵੇਗਾ।
ਹਨ ਲੋਕ ਮੁੱਦਿਆਂ ਦੀ ਗੱਲ ਕਰਨ ਵਾਲੇ ਨੁਮਾਇੰਦਿਆਂ ਨੂੰ ਚੁਣਨਾ ਸਮੇਂ ਦੀ ਲੋੜ ਹੈ। ਆਗੂਆਂ ਨੇ ਕਿਹਾ ਕਿ ਸਾਰੀਆਂ ਰਵਾਇਤੀ ਪਾਰਟੀਆਂ ਨੇ ਪੰਜਾਬ ਨੂੰ ਲੁੱਟਿਆ ਹੈ।
ਭਾਈ ਅੰਮ੍ਰਿਤਪਾਲ ਸਿੰਘ ਦੇ ਹੱਕ ਵਿੱਚ ਚੋਣ ਮੀਟਿੰਗਾਂ ਨੂੰ ਸੰਬੋਧਨ
ਕਰਨ ਪਹੁੰਚੇ ਬਠਿੰਡਾ ਦੇ ਸੀਨੀਅਰ ਵਕੀਲ ਹਰਪਾਲ ਸਿੰਘ ਖਾਰਾ
ਖਡੂਰ ਸਾਹਿਬ ਹਲਕੇ ਦੀਆਂ ਸੰਗਤਾਂ ਵਿੱਚੋਂ ਨਿਕਲਿਆ ਨਵਾਂ ਅਕਾਲੀ ਦਲ, ਭਾਈ ਅੰਮ੍ਰਿਤਪਾਲ ਸਿੰਘ ਦੇ ਹੱਕ ਵਿੱਚ
ਬਠਿੰਡਾ 20 ਮਈ (ਅਨਿਲ ਵਰਮਾ) : ਲੋਕ ਸਭਾ ਹਲਕਾ ਖਡੂਰ ਸਾਹਿਬ ਤੋਂ ਆਜ਼ਾਦ ਉਮੀਦਵਾਰ ਭਾਈ ਅੰਮ੍ਰਿਤਪਾਲ ਸਿੰਘ ਦੇ ਹੱਕ ਵਿੱਚ ਚੋਣ ਪ੍ਰਚਾਰ ਕਰਨ ਲਈ ਬਠਿੰਡਾ ਤੋਂ ਸੀਨੀਅਰ ਵਕੀਲ ਹਰਪਾਲ ਸਿੰਘ ਖਾਰਾ ਪਹੁੰਚੇ। ਉਹਨਾਂ ਨੇ ਕਈ ਪਿੰਡਾਂ ਵਿੱਚ ਮੀਟਿੰਗਾਂ ਨੂੰ ਸੰਬੋਧਨ ਕੀਤਾ।
ਉਹਨਾਂ ਨੇ ਕਿਹਾ ਕਿ ਭਾਈ ਅੰਮ੍ਰਿਤਪਾਲ ਸਿੰਘ ਨੇ ਨੌਜਵਾਨਾਂ ਨੂੰ ਨਸ਼ਿਆਂ ਤੋਂ ਦੂਰ ਕਰਕੇ ਗੁਰੂ ਵਾਲੇ ਬਣਾਉਣ ਦਾ ਕਾਰਜ ਕੀਤਾ ਹੈ ਅਤੇ ਸੰਗਤ ਉਹਨਾਂ ਨੂੰ ਵੱਡੀ ਜਿੱਤ ਦਿਵਾਏਗੀ।
ਕਰ ਰਿਹਾ ਹੈ ਅਤੇ ਲੋਕਾਂ ਵਿੱਚ ਭਾਰੀ ਉਤਸ਼ਾਹ ਦੇਖਣ ਨੂੰ ਮਿਲ ਰਿਹਾ ਹੈ। ਇਸ ਮੌਕੇ ਇਲਾਕੇ ਦੇ ਪਤਵੰਤੇ ਸੱਜਣ ਅਤੇ ਸੰਗਤ ਹਾਜ਼ਰ ਸੀ।
ਕਰ ਰਿਹਾ ਹੈ ਅਤੇ ਲੋਕਾਂ ਵਿੱਚ ਭਾਰੀ ਉਤਸ਼ਾਹ ਦੇਖਣ ਨੂੰ ਮਿਲ ਰਿਹਾ ਹੈ। ਇਸ ਮੌਕੇ ਇਲਾਕੇ ਦੇ ਪਤਵੰਤੇ ਸੱਜਣ ਅਤੇ ਸੰਗਤ ਹਾਜ਼ਰ ਸੀ।
ਪੇਂਡੂ ਮਜ਼ਦੂਰ ਯੂਨੀਅਨ ਵੱਲੋਂ ਭਾਜਪਾ
ਹਰਾਓ-ਭਾਜਪਾ ਭਜਾਓ ਦਾ ਦਿੱਤਾ ਸੱਦਾ
21 ਮਈ ਜਗਰਾਉਂ ਵੱਲ ਕੂਚ ਕਰਨਗੇ ਮਜ਼ਦੂਰਾਂ ਦੇ ਕਾਫ਼ਲੇ
ਸ੍ਰੀ ਮੁਕਤਸਰ ਸਾਹਿਬ, 20 ਮਈ (ਸੁਖਵੀਰ ਸਿੰਘ) : ਪੇਂਡੂ ਮਜ਼ਦੂਰ ਯੂਨੀਅਨ ਪੰਜਾਬ ਵੱਲੋਂ ਕਿਰਤੀ ਕਿਸਾਨ ਯੂਨੀਅਨ ਦੇ ਸਹਿਯੋਗ ਨਾਲ ਪਿੰਡਾਂ ਵਿੱਚ ਮੀਟਿੰਗਾਂ ਕਰਕੇ ਭਾਜਪਾ ਹਰਾਓ ਦਾ ਸੱਦਾ ਦਿੱਤਾ ਗਿਆ।
ਮਨਜ਼ੂਰੀ ਤੋਂ ਇਨਕਾਰ ਕਰਨਾ ਅਤੇ ਮਜ਼ਦੂਰਾਂ ਦੇ ਹੱਕਾਂ ਉੱਤੇ ਡਾਕਾ ਮਾਰਨਾ ਭਾਜਪਾ ਸਰਕਾਰ ਦੀ ਨੀਤੀ ਰਹੀ ਹੈ। ਆਗੂਆਂ ਨੇ ਕਿਹਾ ਕਿ ਲੇਬਰ ਕੋਡ ਰੱਦ ਕੀਤੇ ਜਾਣ।
ਜਨਤਕ ਪਾਰਟੀ ਲਈ ਕਈ ਵਾਰ ਵੱਡੇ ਸੰਘਰਸ਼ ਕੀਤੇ ਗਏ ਹਨ ਅਤੇ ਹੁਣ ਸਾਰੇ ਮਜ਼ਦੂਰ ਇਕੱਠੇ ਹੋ ਕੇ ਜਗਰਾਉਂ ਰੈਲੀ ਵਿੱਚ ਸ਼ਾਮਲ ਹੋਣਗੇ।
ਜੀਵਨ, ਜ਼ਰੂਰਤਾਂ ਦੀਆਂ ਵਸਤਾਂ ਮਹਿੰਗੀਆਂ ਹੋਣ ਕਾਰਨ ਗਰੀਬ ਪਰਿਵਾਰਾਂ ਦਾ ਗੁਜ਼ਾਰਾ ਔਖਾ ਹੋ ਗਿਆ ਹੈ। ਮਨਰੇਗਾ ਤਹਿਤ ਪੂਰਾ ਕੰਮ ਅਤੇ ਸਮੇਂ ਸਿਰ ਮਿਹਨਤਾਨਾ ਦਿੱਤਾ ਜਾਵੇ।
ਪ੍ਰਧਾਨ ਮੰਤਰੀ ਦੀ ਆਮਦ ਨੂੰ ਲੈ ਕੇ ਡਿਪਟੀ ਕਮਿਸ਼ਨਰ ਅਤੇ
ਐਸ.ਐਸ.ਪੀ ਨੇ ਲਿਆ ਸੁਰੱਖਿਆ ਪ੍ਰਬੰਧਾਂ ਦਾ ਜਾਇਜ਼ਾ
ਬਟਾਲਾ/ਗੁਰਦਾਸਪੁਰ 20 ਮਈ : ਪ੍ਰਧਾਨ ਮੰਤਰੀ ਨਰਿੰਦਰ ਮੋਦੀ ਦੀ 24 ਮਈ ਨੂੰ ਹੋਣ ਵਾਲੀ ਰੈਲੀ ਨੂੰ ਲੈ ਕੇ ਡਿਪਟੀ ਕਮਿਸ਼ਨਰ ਅਤੇ ਐਸ.ਐਸ.ਪੀ ਨੇ ਰੈਲੀ ਵਾਲੀ ਥਾਂ ਦਾ ਦੌਰਾ ਕੀਤਾ।
ਦੌਰਾਨ ਉਹਨਾਂ ਨੇ ਸਬੰਧਤ ਅਧਿਕਾਰੀਆਂ ਨੂੰ ਹਦਾਇਤ ਕੀਤੀ ਕਿ ਸੁਰੱਖਿਆ ਪ੍ਰਬੰਧਾਂ ਵਿੱਚ ਕੋਈ ਕਮੀ ਨਾ ਛੱਡੀ ਜਾਵੇ ਅਤੇ ਆਵਾਜਾਈ ਦੇ ਢੁਕਵੇਂ ਪ੍ਰਬੰਧ ਕੀਤੇ ਜਾਣ।
ਪ੍ਰਧਾਨ ਮੰਤਰੀ ਦੀ ਆਮਦ ਨੂੰ ਲੈ ਕੇ ਪੁਲਿਸ ਪ੍ਰਸ਼ਾਸਨ ਪੂਰੀ ਤਰ੍ਹਾਂ ਚੌਕਸ ਹੈ ਅਤੇ ਵੱਖ ਵੱਖ ਥਾਵਾਂ ਉੱਤੇ ਨਾਕਾਬੰਦੀ ਕੀਤੀ ਜਾਵੇਗੀ।
ਮੌਕੇ 24 ਮਈ ਨੂੰ ਪ੍ਰਧਾਨ ਮੰਤਰੀ ਦੇ ਪ੍ਰੋਗਰਾਮ ਦੌਰਾਨ ਸੁਰੱਖਿਆ ਪ੍ਰਬੰਧਾਂ ਦਾ ਜਾਇਜ਼ਾ ਲਿਆ ਗਿਆ। ਇਸ ਮੌਕੇ ਸੀਨੀਅਰ ਪੁਲਿਸ ਅਧਿਕਾਰੀ ਹਾਜ਼ਰ ਸਨ।
ਸੁਖਬੀਰ ਸਿੰਘ ਬਾਦਲ ਵੱਲੋਂ ਗੁੰਥੀ ਸਿੰਘਾਂ ਨੂੰ ਬੇ-
ਅਦਬੀ ਦੇ ਦੋਸ਼ੀ ਠਹਿਰਾਉਣਾ ਮੰਦਭਾਗਾ-ਚੰਗਾਲ
ਸੰਗਰੂਰ 20 ਮਈ (ਹਰਬੰਸ ਸਿੰਘ ਮਾਰਡੇ) : ਸ਼੍ਰੋਮਣੀ ਅਕਾਲੀ ਦਲ ਦੇ ਪ੍ਰਧਾਨ ਸੁਖਬੀਰ ਸਿੰਘ ਬਾਦਲ ਵੱਲੋਂ ਦਿੱਤੇ ਬਿਆਨ ਦੀ ਨਿਖੇਧੀ ਕਰਦਿਆਂ ਆਗੂਆਂ ਨੇ ਕਿਹਾ ਕਿ ਇਹ ਮੰਦਭਾਗਾ ਹੈ।
ਕਮੇਟੀ ਮੈਂਬਰਾਂ ਨੇ ਕਿਹਾ ਕਿ ਅਜਿਹੇ ਬਿਆਨ ਸਿੱਖ ਸੰਗਤ ਦੇ ਮਨਾਂ ਨੂੰ ਠੇਸ ਪਹੁੰਚਾਉਂਦੇ ਹਨ ਅਤੇ ਇਸ ਲਈ ਮੁਆਫ਼ੀ ਮੰਗੀ ਜਾਣੀ ਚਾਹੀਦੀ ਹੈ।
ਸਾਹਿਬ ਦੀ ਸੇਵਾ ਵਿੱਚ ਹਾਜ਼ਰ ਹੋ ਕੇ ਖਿਮਾ ਜਾਚਨਾ ਕਰਨ। ਉਹਨਾਂ ਕਿਹਾ ਕਿ ਪੰਥਕ ਮਸਲਿਆਂ ਉੱਤੇ ਰਾਜਨੀਤੀ ਬੰਦ ਹੋਣੀ ਚਾਹੀਦੀ ਹੈ।
ਸਾਹਿਬ ਦੀ ਸੇਵਾ ਵਿੱਚ ਹਾਜ਼ਰ ਹੋ ਕੇ ਖਿਮਾ ਜਾਚਨਾ ਕਰਨ। ਉਹਨਾਂ ਕਿਹਾ ਕਿ ਪੰਥਕ ਮਸਲਿਆਂ ਉੱਤੇ ਰਾਜਨੀਤੀ ਬੰਦ ਹੋਣੀ ਚਾਹੀਦੀ ਹੈ।
ਮਨਰੇਗਾ ਮਜ਼ਦੂਰਾਂ ਦੀਆਂ ਸਮੱਸਿਆਵਾਂ ਸਬੰਧੀ
ਬੀ ਡੀ ਪੀ ਓ ਨੂਰਪੁਰ ਬੇਦੀ ਨੂੰ ਦਿੱਤਾ ਮੰਗ ਪੱਤਰ
ਨੂਰਪੁਰ ਬੇਦੀ 20 ਮਈ (ਦਲਜੀਤ ਚਲੀ) : ਮਨਰੇਗਾ ਮਜ਼ਦੂਰ ਯੂਨੀਅਨ ਵੱਲੋਂ ਬਲਾਕ ਵਿਕਾਸ ਅਤੇ ਪੰਚਾਇਤ ਅਫ਼ਸਰ ਨੂੰ ਮੰਗ ਪੱਤਰ ਦਿੱਤਾ ਗਿਆ ਜਿਸ ਵਿੱਚ ਸਾਲ 2023 ਦੀਆਂ ਬਕਾਇਆ ਦਿਹਾੜੀਆਂ ਜਾਰੀ ਕਰਨ ਦੀ ਮੰਗ ਕੀਤੀ ਗਈ।
ਕਿਹਾ ਕਿ ਮਜ਼ਦੂਰਾਂ ਨੂੰ 100 ਦਿਨ ਦਾ ਪੂਰਾ ਕੰਮ ਨਹੀਂ ਮਿਲ ਰਿਹਾ ਅਤੇ ਕਈ ਪਿੰਡਾਂ ਵਿੱਚ ਜੌਬ ਕਾਰਡ ਵੀ ਨਹੀਂ ਬਣਾਏ ਗਏ। ਉਹਨਾਂ ਨੇ 1164 ਤੋਂ 1188 ਤੱਕ ਦੇ ਮਸਟਰ ਰੋਲ ਜਾਰੀ ਕਰਨ ਦੀ ਮੰਗ ਕੀਤੀ।
ਵਾਲੇ ਕਿਰਤੀਆਂ ਦੀ ਇੱਕ ਮੀਟਿੰਗ ਵੀ ਕੀਤੀ ਗਈ। ਬੀਡੀਪੀਓ ਨੇ ਭਰੋਸਾ ਦਿੱਤਾ ਕਿ ਜਲਦੀ ਹੀ ਸਮੱਸਿਆਵਾਂ ਦਾ ਹੱਲ ਕੀਤਾ ਜਾਵੇਗਾ।
ਕੰਮ ਕਰਨ ਵਾਲੇ ਮਜ਼ਦੂਰਾਂ ਦੀ ਹਾਜ਼ਰੀ ਆਨਲਾਈਨ ਲਗਾਉਣ ਵਿੱਚ ਆ ਰਹੀਆਂ ਮੁਸ਼ਕਲਾਂ ਦਾ ਵੀ ਹੱਲ ਕੀਤਾ ਜਾਵੇ। ਇਸ ਮੌਕੇ ਯੂਨੀਅਨ ਦੇ ਆਗੂ ਅਤੇ ਮਜ਼ਦੂਰ ਹਾਜ਼ਰ ਸਨ।
